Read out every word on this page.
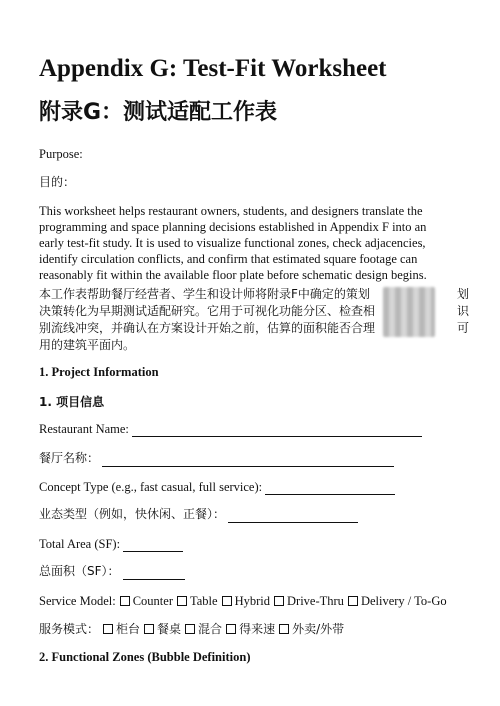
Appendix G: Test-Fit Worksheet
附录G：测试适配工作表

Purpose:

目的：

This worksheet helps restaurant owners, students, and designers translate the programming and space planning decisions established in Appendix F into an early test-fit study. It is used to visualize functional zones, check adjacencies, identify circulation conflicts, and confirm that estimated square footage can reasonably fit within the available floor plate before schematic design begins.

本工作表帮助餐厅经营者、学生和设计师将附录F中确定的策划	划
决策转化为早期测试适配研究。它用于可视化功能分区、检查相	识
别流线冲突，并确认在方案设计开始之前，估算的面积能否合理	可
用的建筑平面内。

1. Project Information

1. 项目信息

Restaurant Name:
餐厅名称：
Concept Type (e.g., fast casual, full service):
业态类型（例如，快休闲、正餐）：
Total Area (SF):
总面积（SF）：
Service Model: Counter Table Hybrid Drive-Thru Delivery / To-Go
服务模式： 柜台 餐桌 混合 得来速 外卖/外带

2. Functional Zones (Bubble Definition)
